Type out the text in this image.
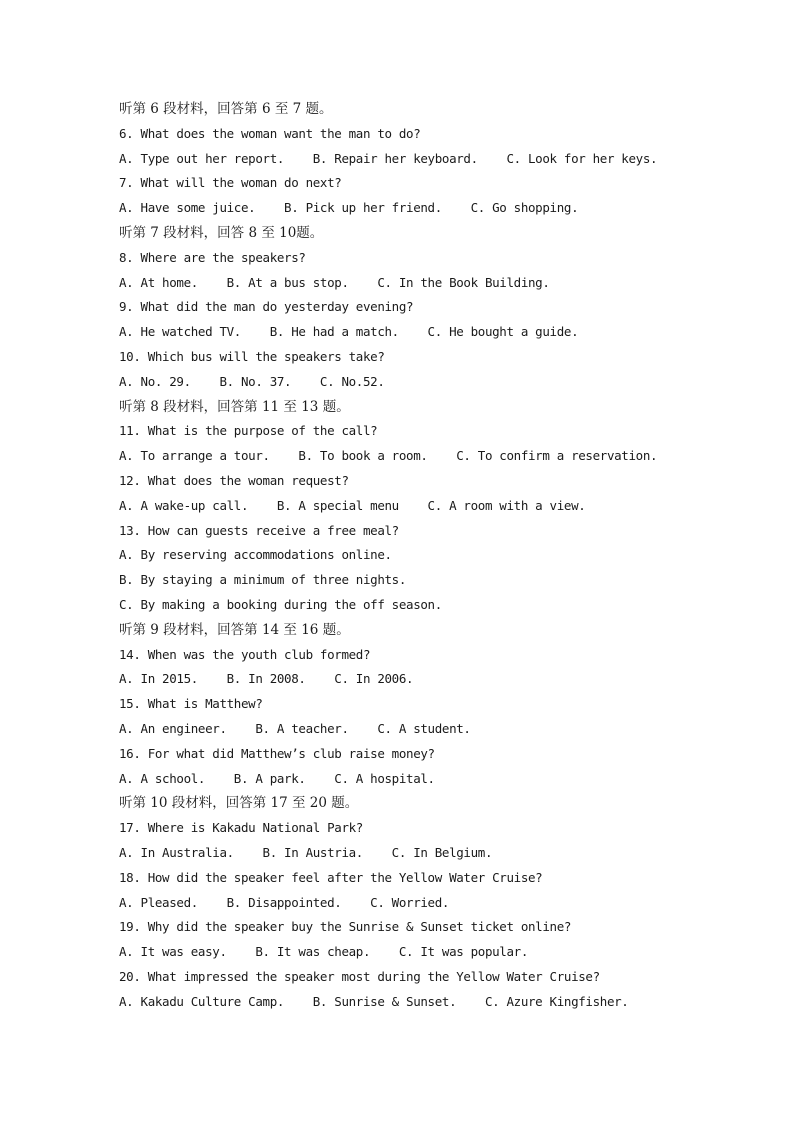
听第 6 段材料，回答第 6 至 7 题。
6. What does the woman want the man to do?
A. Type out her report.    B. Repair her keyboard.    C. Look for her keys.
7. What will the woman do next?
A. Have some juice.    B. Pick up her friend.    C. Go shopping.
听第 7 段材料，回答 8 至 10题。
8. Where are the speakers?
A. At home.    B. At a bus stop.    C. In the Book Building.
9. What did the man do yesterday evening?
A. He watched TV.    B. He had a match.    C. He bought a guide.
10. Which bus will the speakers take?
A. No. 29.    B. No. 37.    C. No.52.
听第 8 段材料，回答第 11 至 13 题。
11. What is the purpose of the call?
A. To arrange a tour.    B. To book a room.    C. To confirm a reservation.
12. What does the woman request?
A. A wake-up call.    B. A special menu    C. A room with a view.
13. How can guests receive a free meal?
A. By reserving accommodations online.
B. By staying a minimum of three nights.
C. By making a booking during the off season.
听第 9 段材料，回答第 14 至 16 题。
14. When was the youth club formed?
A. In 2015.    B. In 2008.    C. In 2006.
15. What is Matthew?
A. An engineer.    B. A teacher.    C. A student.
16. For what did Matthew’s club raise money?
A. A school.    B. A park.    C. A hospital.
听第 10 段材料，回答第 17 至 20 题。
17. Where is Kakadu National Park?
A. In Australia.    B. In Austria.    C. In Belgium.
18. How did the speaker feel after the Yellow Water Cruise?
A. Pleased.    B. Disappointed.    C. Worried.
19. Why did the speaker buy the Sunrise & Sunset ticket online?
A. It was easy.    B. It was cheap.    C. It was popular.
20. What impressed the speaker most during the Yellow Water Cruise?
A. Kakadu Culture Camp.    B. Sunrise & Sunset.    C. Azure Kingfisher.
